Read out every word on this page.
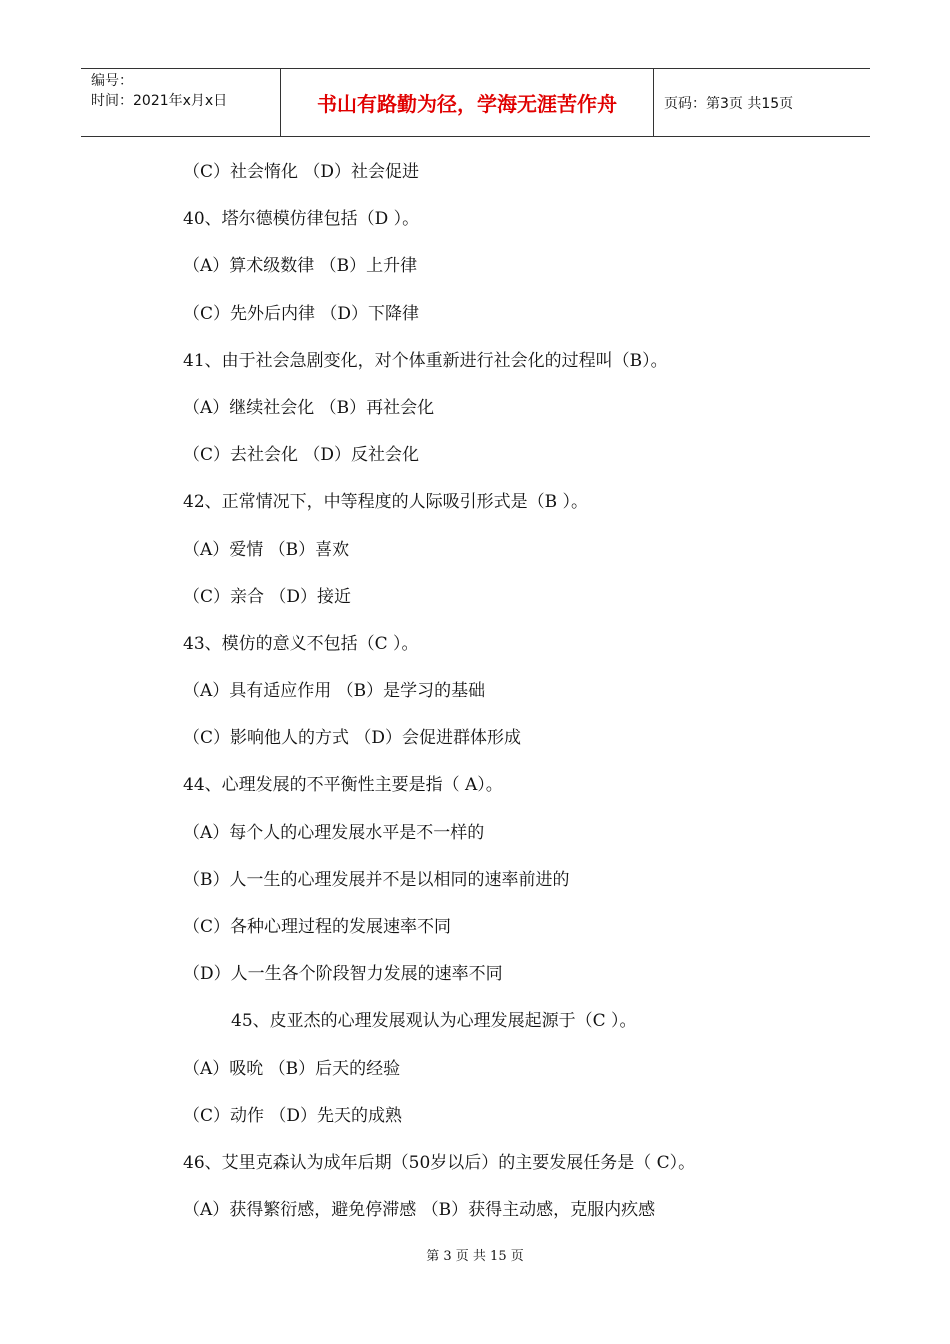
编号：
时间：2021年x月x日	书山有路勤为径，学海无涯苦作舟	页码：第3页 共15页
（C）社会惰化 （D）社会促进
40、塔尔德模仿律包括（D ）。
（A）算术级数律 （B）上升律
（C）先外后内律 （D）下降律
41、由于社会急剧变化，对个体重新进行社会化的过程叫（B）。
（A）继续社会化 （B）再社会化
（C）去社会化 （D）反社会化
42、正常情况下，中等程度的人际吸引形式是（B ）。
（A）爱情 （B）喜欢
（C）亲合 （D）接近
43、模仿的意义不包括（C ）。
（A）具有适应作用 （B）是学习的基础
（C）影响他人的方式 （D）会促进群体形成
44、心理发展的不平衡性主要是指（ A）。
（A）每个人的心理发展水平是不一样的
（B）人一生的心理发展并不是以相同的速率前进的
（C）各种心理过程的发展速率不同
（D）人一生各个阶段智力发展的速率不同
45、皮亚杰的心理发展观认为心理发展起源于（C ）。
（A）吸吮 （B）后天的经验
（C）动作 （D）先天的成熟
46、艾里克森认为成年后期（50岁以后）的主要发展任务是（ C）。
（A）获得繁衍感，避免停滞感 （B）获得主动感，克服内疚感
第 3 页 共 15 页
